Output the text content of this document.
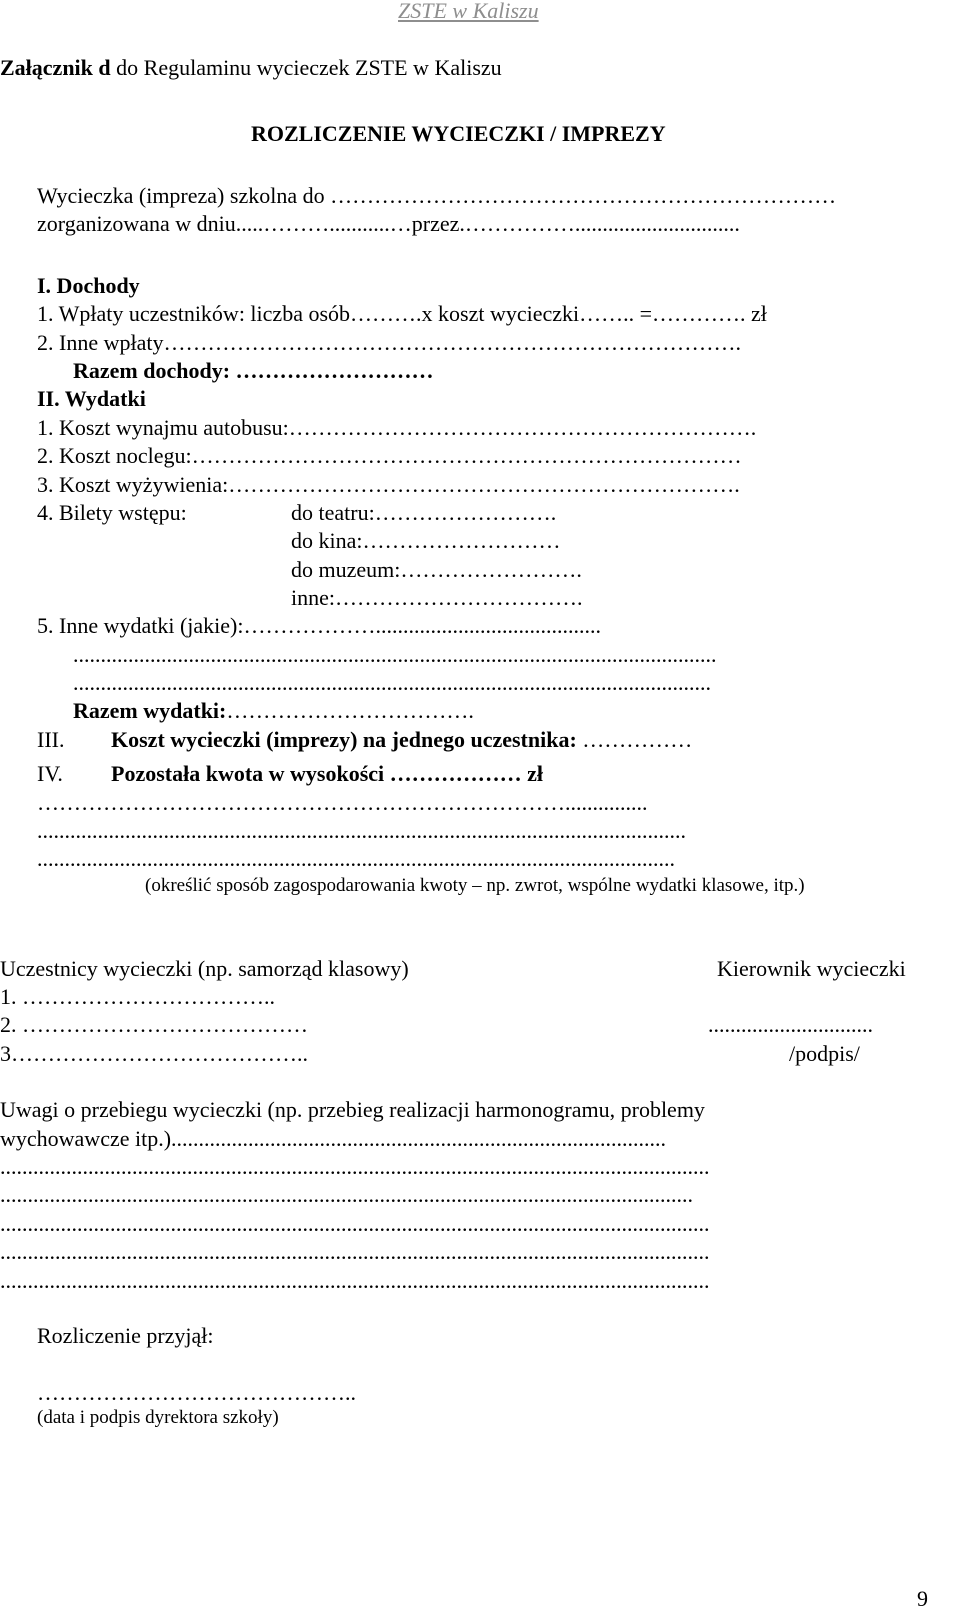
ZSTE w Kaliszu
Załącznik d do Regulaminu wycieczek ZSTE w Kaliszu
ROZLICZENIE WYCIECZKI / IMPREZY
Wycieczka (impreza) szkolna do ……………………………………………………………
zorganizowana w dniu.....………...........…przez.……………..............................
I. Dochody
1. Wpłaty uczestników: liczba osób……….x koszt wycieczki…….. =…………. zł
2. Inne wpłaty…………………………………………………………………….
Razem dochody: ………………………
II. Wydatki
1. Koszt wynajmu autobusu:……………………………………………………….
2. Koszt noclegu:…………………………………………………………………
3. Koszt wyżywienia:…………………………………………………………….
4. Bilety wstępu:	do teatru:…………………….
do kina:………………………
do muzeum:…………………….
inne:…………………………….
5. Inne wydatki (jakie):……………….........................................
.....................................................................................................................
....................................................................................................................
Razem wydatki:…………………………….
III. Koszt wycieczki (imprezy) na jednego uczestnika: ……………
IV. Pozostała kwota w wysokości ……………… zł
………………………………………………………………...............
......................................................................................................................
....................................................................................................................
(określić sposób zagospodarowania kwoty – np. zwrot, wspólne wydatki klasowe, itp.)
Uczestnicy wycieczki (np. samorząd klasowy)	Kierownik wycieczki
1. ……………………………..
2. …………………………………	..............................
3…………………………………..	/podpis/
Uwagi o przebiegu wycieczki (np. przebieg realizacji harmonogramu, problemy
wychowawcze itp.)..........................................................................................
.................................................................................................................................
..............................................................................................................................
.................................................................................................................................
.................................................................................................................................
.................................................................................................................................
Rozliczenie przyjął:
……………………………………..
(data i podpis dyrektora szkoły)
9
